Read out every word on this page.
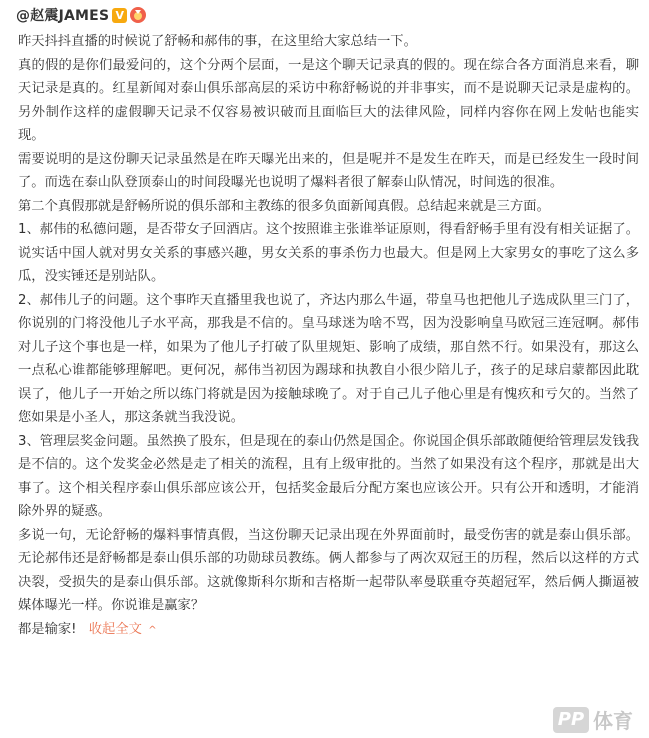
@赵震JAMES V

昨天抖抖直播的时候说了舒畅和郝伟的事，在这里给大家总结一下。

真的假的是你们最爱问的，这个分两个层面，一是这个聊天记录真的假的。现在综合各方面消息来看，聊天记录是真的。红星新闻对泰山俱乐部高层的采访中称舒畅说的并非事实，而不是说聊天记录是虚构的。另外制作这样的虚假聊天记录不仅容易被识破而且面临巨大的法律风险，同样内容你在网上发帖也能实现。

需要说明的是这份聊天记录虽然是在昨天曝光出来的，但是呢并不是发生在昨天，而是已经发生一段时间了。而选在泰山队登顶泰山的时间段曝光也说明了爆料者很了解泰山队情况，时间选的很准。

第二个真假那就是舒畅所说的俱乐部和主教练的很多负面新闻真假。总结起来就是三方面。

1、郝伟的私德问题，是否带女子回酒店。这个按照谁主张谁举证原则，得看舒畅手里有没有相关证据了。说实话中国人就对男女关系的事感兴趣，男女关系的事杀伤力也最大。但是网上大家男女的事吃了这么多瓜，没实锤还是别站队。

2、郝伟儿子的问题。这个事昨天直播里我也说了，齐达内那么牛逼，带皇马也把他儿子选成队里三门了，你说别的门将没他儿子水平高，那我是不信的。皇马球迷为啥不骂，因为没影响皇马欧冠三连冠啊。郝伟对儿子这个事也是一样，如果为了他儿子打破了队里规矩、影响了成绩，那自然不行。如果没有，那这么一点私心谁都能够理解吧。更何况，郝伟当初因为踢球和执教自小很少陪儿子，孩子的足球启蒙都因此耽误了，他儿子一开始之所以练门将就是因为接触球晚了。对于自己儿子他心里是有愧疚和亏欠的。当然了您如果是小圣人，那这条就当我没说。

3、管理层奖金问题。虽然换了股东，但是现在的泰山仍然是国企。你说国企俱乐部敢随便给管理层发钱我是不信的。这个发奖金必然是走了相关的流程，且有上级审批的。当然了如果没有这个程序，那就是出大事了。这个相关程序泰山俱乐部应该公开，包括奖金最后分配方案也应该公开。只有公开和透明，才能消除外界的疑惑。

多说一句，无论舒畅的爆料事情真假，当这份聊天记录出现在外界面前时，最受伤害的就是泰山俱乐部。无论郝伟还是舒畅都是泰山俱乐部的功勋球员教练。俩人都参与了两次双冠王的历程，然后以这样的方式决裂，受损失的是泰山俱乐部。这就像斯科尔斯和吉格斯一起带队率曼联重夺英超冠军，然后俩人撕逼被媒体曝光一样。你说谁是赢家？

都是输家! 收起全文 ^
PP 体育
